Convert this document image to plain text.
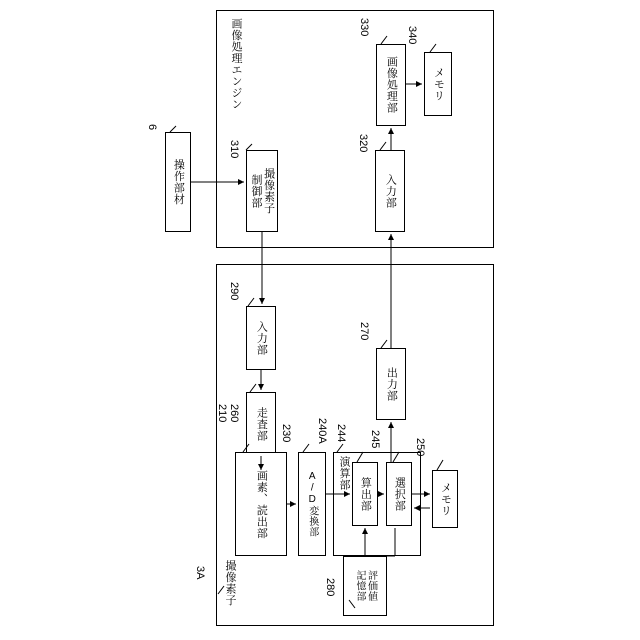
撮像素子
3A
画像処理エンジン
操作部材
6
撮像素子
制御部
310
入力部
320
画像処理部
330
メモリ
340
入力部
290
走査部
260
画素、読出部
210
A/D変換部
230
演算部
240A
算出部
244
選択部
245
メモリ
250
評価値
記憶部
280
出力部
270
